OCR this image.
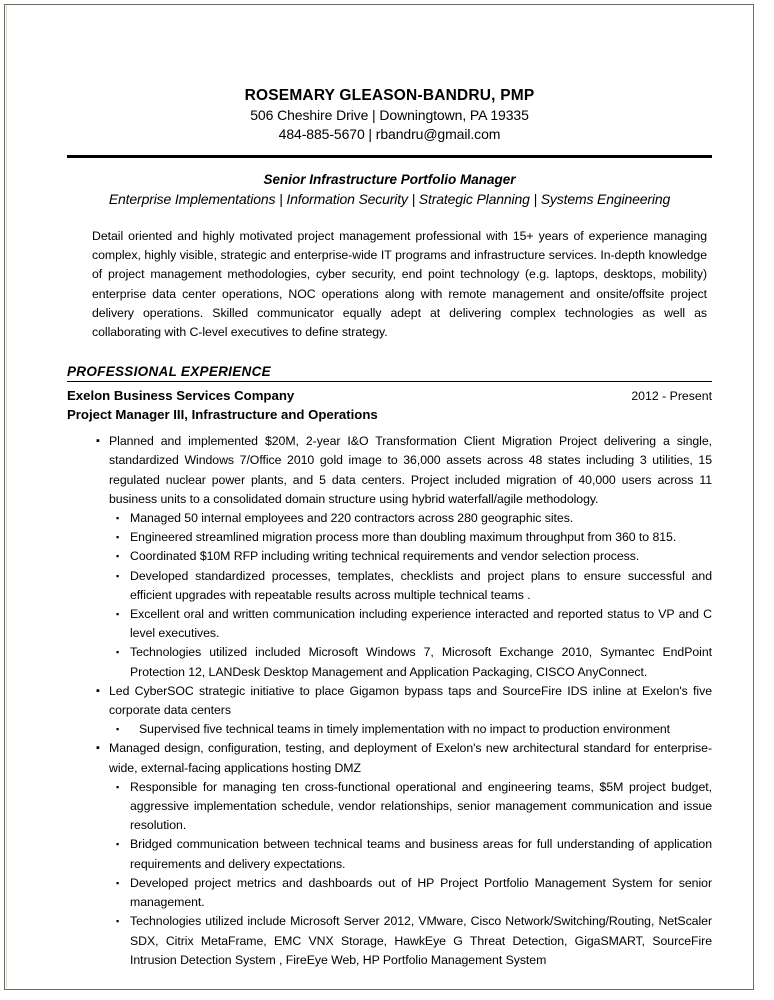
ROSEMARY GLEASON-BANDRU, PMP
506 Cheshire Drive | Downingtown, PA 19335
484-885-5670 | rbandru@gmail.com
Senior Infrastructure Portfolio Manager
Enterprise Implementations | Information Security | Strategic Planning | Systems Engineering
Detail oriented and highly motivated project management professional with 15+ years of experience managing complex, highly visible, strategic and enterprise-wide IT programs and infrastructure services. In-depth knowledge of project management methodologies, cyber security, end point technology (e.g. laptops, desktops, mobility) enterprise data center operations, NOC operations along with remote management and onsite/offsite project delivery operations. Skilled communicator equally adept at delivering complex technologies as well as collaborating with C-level executives to define strategy.
PROFESSIONAL EXPERIENCE
Exelon Business Services Company	2012 - Present
Project Manager III, Infrastructure and Operations
▪ Planned and implemented $20M, 2-year I&O Transformation Client Migration Project delivering a single, standardized Windows 7/Office 2010 gold image to 36,000 assets across 48 states including 3 utilities, 15 regulated nuclear power plants, and 5 data centers. Project included migration of 40,000 users across 11 business units to a consolidated domain structure using hybrid waterfall/agile methodology.
▪ Managed 50 internal employees and 220 contractors across 280 geographic sites.
▪ Engineered streamlined migration process more than doubling maximum throughput from 360 to 815.
▪ Coordinated $10M RFP including writing technical requirements and vendor selection process.
▪ Developed standardized processes, templates, checklists and project plans to ensure successful and efficient upgrades with repeatable results across multiple technical teams .
▪ Excellent oral and written communication including experience interacted and reported status to VP and C level executives.
▪ Technologies utilized included Microsoft Windows 7, Microsoft Exchange 2010, Symantec EndPoint Protection 12, LANDesk Desktop Management and Application Packaging, CISCO AnyConnect.
▪ Led CyberSOC strategic initiative to place Gigamon bypass taps and SourceFire IDS inline at Exelon's five corporate data centers
▪ Supervised five technical teams in timely implementation with no impact to production environment
▪ Managed design, configuration, testing, and deployment of Exelon's new architectural standard for enterprise-wide, external-facing applications hosting DMZ
▪ Responsible for managing ten cross-functional operational and engineering teams, $5M project budget, aggressive implementation schedule, vendor relationships, senior management communication and issue resolution.
▪ Bridged communication between technical teams and business areas for full understanding of application requirements and delivery expectations.
▪ Developed project metrics and dashboards out of HP Project Portfolio Management System for senior management.
▪ Technologies utilized include Microsoft Server 2012, VMware, Cisco Network/Switching/Routing, NetScaler SDX, Citrix MetaFrame, EMC VNX Storage, HawkEye G Threat Detection, GigaSMART, SourceFire Intrusion Detection System , FireEye Web, HP Portfolio Management System
